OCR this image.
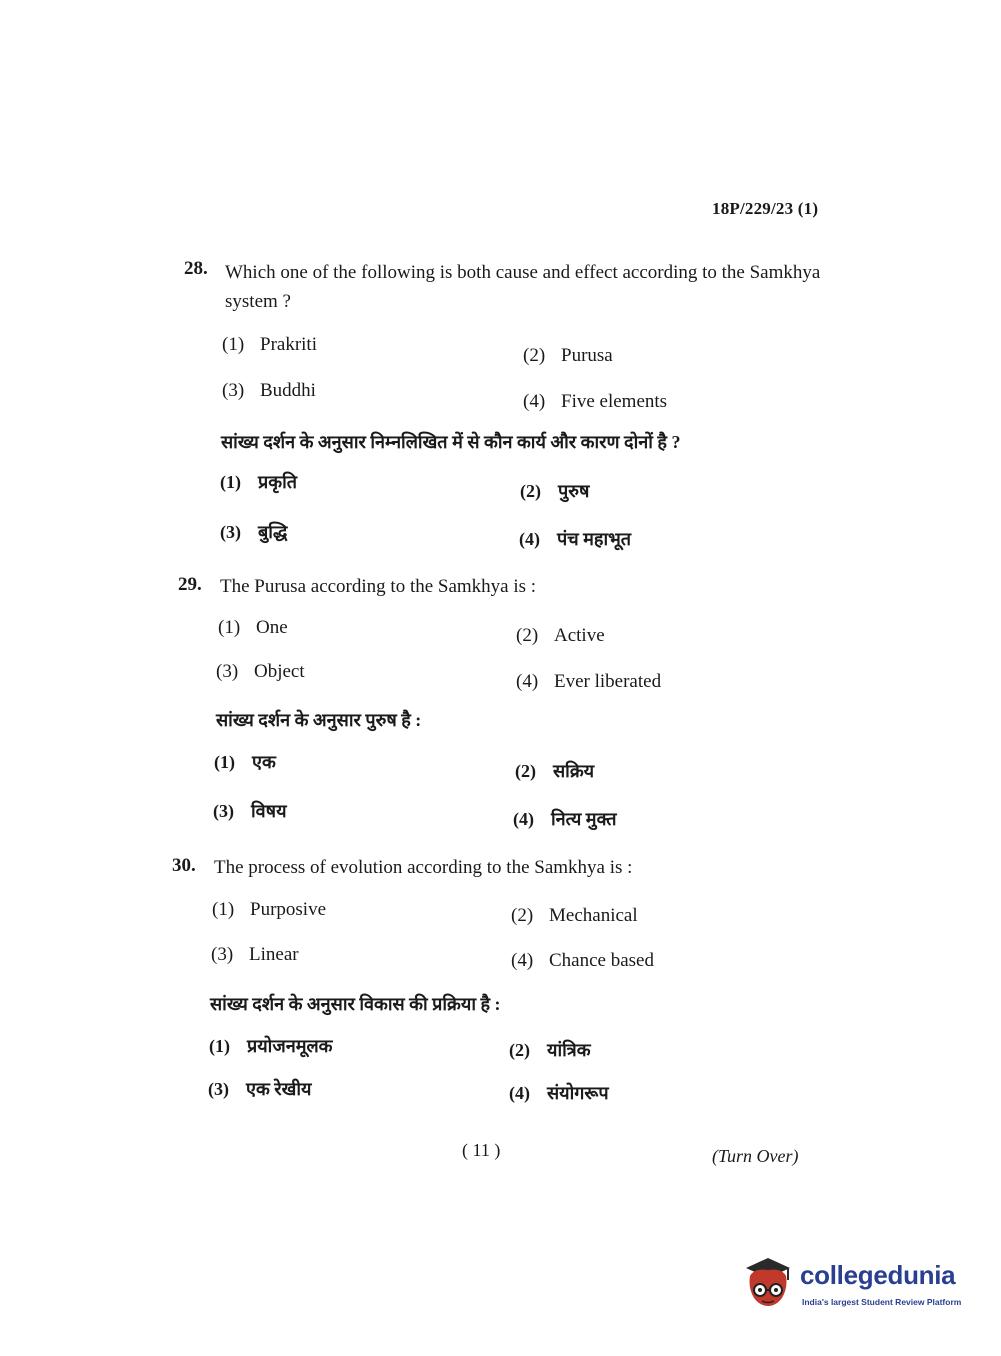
18P/229/23 (1)
28. Which one of the following is both cause and effect according to the Samkhya system ?
(1) Prakriti
(2) Purusa
(3) Buddhi
(4) Five elements
सांख्य दर्शन के अनुसार निम्नलिखित में से कौन कार्य और कारण दोनों है ?
(1) प्रकृति	(2) पुरुष
(3) बुद्धि	(4) पंच महाभूत
29. The Purusa according to the Samkhya is :
(1) One	(2) Active
(3) Object	(4) Ever liberated
सांख्य दर्शन के अनुसार पुरुष है :
(1) एक	(2) सक्रिय
(3) विषय	(4) नित्य मुक्त
30. The process of evolution according to the Samkhya is :
(1) Purposive	(2) Mechanical
(3) Linear	(4) Chance based
सांख्य दर्शन के अनुसार विकास की प्रक्रिया है :
(1) प्रयोजनमूलक	(2) यांत्रिक
(3) एक रेखीय	(4) संयोगरूप
( 11 )	(Turn Over)
collegedunia
India's largest Student Review Platform
